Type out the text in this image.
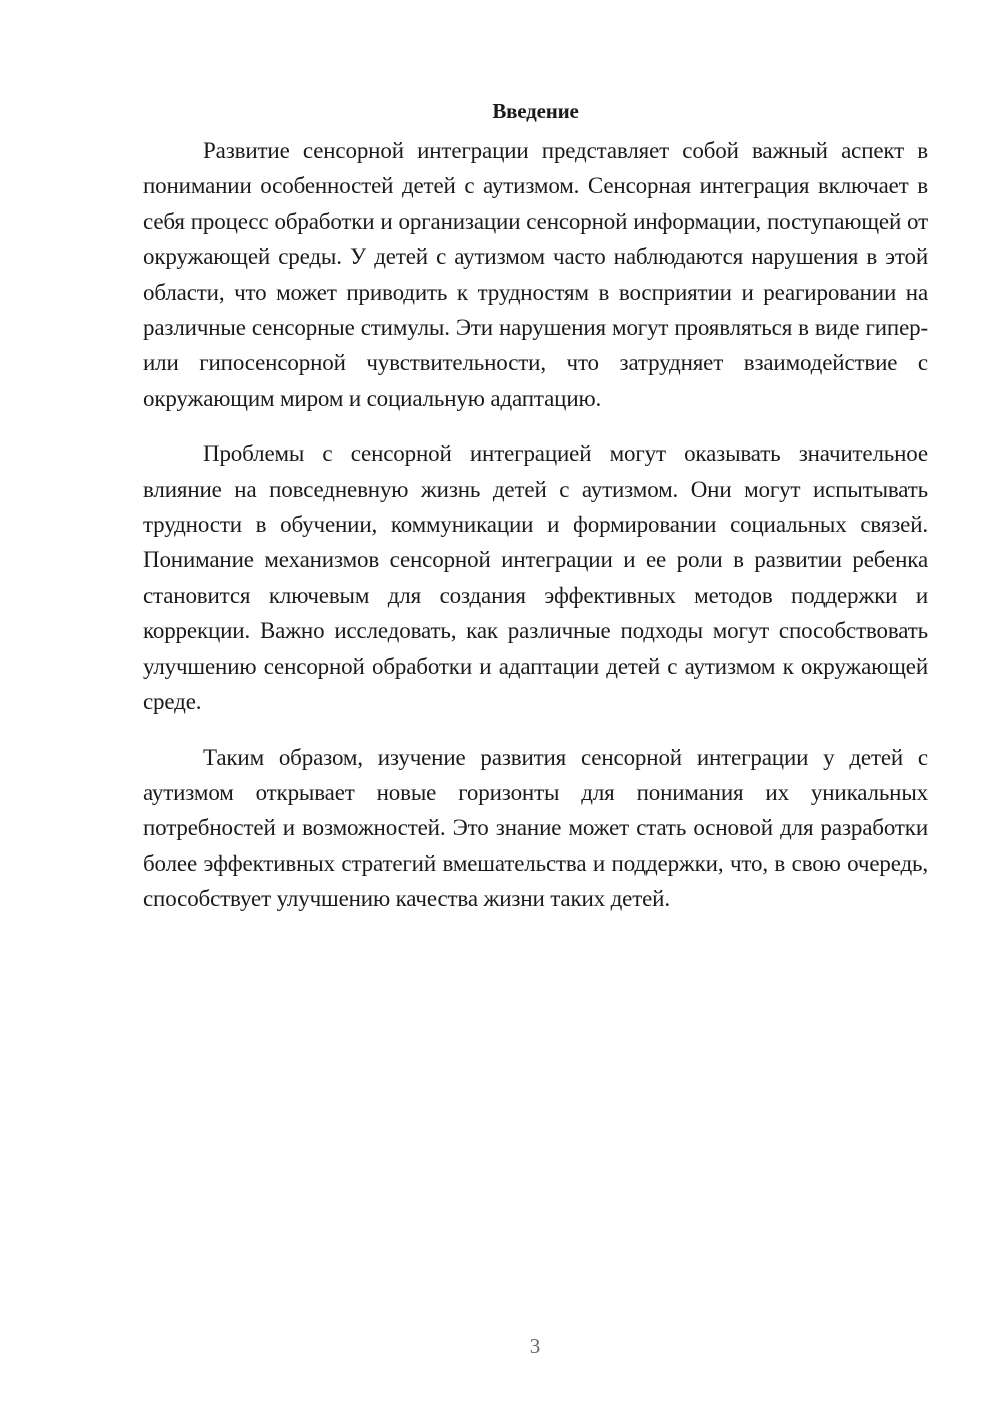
Введение

Развитие сенсорной интеграции представляет собой важный аспект в понимании особенностей детей с аутизмом. Сенсорная интеграция включает в себя процесс обработки и организации сенсорной информации, поступающей от окружающей среды. У детей с аутизмом часто наблюдаются нарушения в этой области, что может приводить к трудностям в восприятии и реагировании на различные сенсорные стимулы. Эти нарушения могут проявляться в виде гипер- или гипосенсорной чувствительности, что затрудняет взаимодействие с окружающим миром и социальную адаптацию.

Проблемы с сенсорной интеграцией могут оказывать значительное влияние на повседневную жизнь детей с аутизмом. Они могут испытывать трудности в обучении, коммуникации и формировании социальных связей. Понимание механизмов сенсорной интеграции и ее роли в развитии ребенка становится ключевым для создания эффективных методов поддержки и коррекции. Важно исследовать, как различные подходы могут способствовать улучшению сенсорной обработки и адаптации детей с аутизмом к окружающей среде.

Таким образом, изучение развития сенсорной интеграции у детей с аутизмом открывает новые горизонты для понимания их уникальных потребностей и возможностей. Это знание может стать основой для разработки более эффективных стратегий вмешательства и поддержки, что, в свою очередь, способствует улучшению качества жизни таких детей.

3
